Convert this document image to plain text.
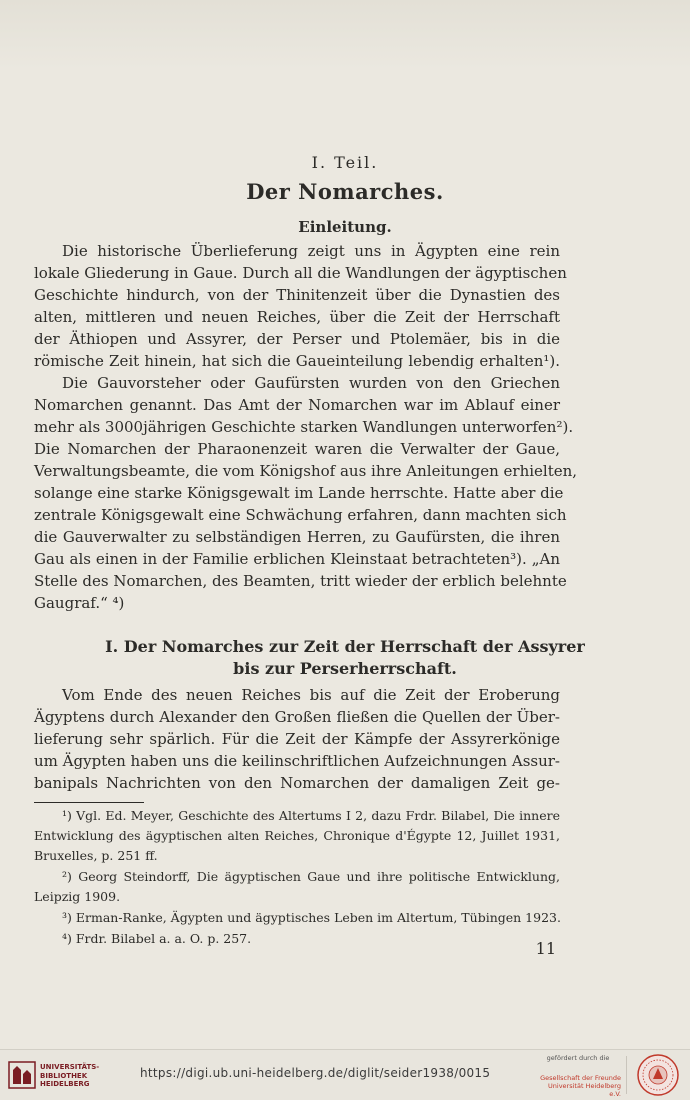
I. Teil.
Der Nomarches.
Einleitung.
Die historische Überlieferung zeigt uns in Ägypten eine rein
lokale Gliederung in Gaue. Durch all die Wandlungen der ägyptischen
Geschichte hindurch, von der Thinitenzeit über die Dynastien des
alten, mittleren und neuen Reiches, über die Zeit der Herrschaft
der Äthiopen und Assyrer, der Perser und Ptolemäer, bis in die
römische Zeit hinein, hat sich die Gaueinteilung lebendig erhalten¹).
Die Gauvorsteher oder Gaufürsten wurden von den Griechen
Nomarchen genannt. Das Amt der Nomarchen war im Ablauf einer
mehr als 3000jährigen Geschichte starken Wandlungen unterworfen²).
Die Nomarchen der Pharaonenzeit waren die Verwalter der Gaue,
Verwaltungsbeamte, die vom Königshof aus ihre Anleitungen erhielten,
solange eine starke Königsgewalt im Lande herrschte. Hatte aber die
zentrale Königsgewalt eine Schwächung erfahren, dann machten sich
die Gauverwalter zu selbständigen Herren, zu Gaufürsten, die ihren
Gau als einen in der Familie erblichen Kleinstaat betrachteten³). „An
Stelle des Nomarchen, des Beamten, tritt wieder der erblich belehnte
Gaugraf.“ ⁴)
I. Der Nomarches zur Zeit der Herrschaft der Assyrer
bis zur Perserherrschaft.
Vom Ende des neuen Reiches bis auf die Zeit der Eroberung
Ägyptens durch Alexander den Großen fließen die Quellen der Über-
lieferung sehr spärlich. Für die Zeit der Kämpfe der Assyrerkönige
um Ägypten haben uns die keilinschriftlichen Aufzeichnungen Assur-
banipals Nachrichten von den Nomarchen der damaligen Zeit ge-
¹) Vgl. Ed. Meyer, Geschichte des Altertums I 2, dazu Frdr. Bilabel, Die innere
Entwicklung des ägyptischen alten Reiches, Chronique d'Égypte 12, Juillet 1931,
Bruxelles, p. 251 ff.
²) Georg Steindorff, Die ägyptischen Gaue und ihre politische Entwicklung,
Leipzig 1909.
³) Erman-Ranke, Ägypten und ägyptisches Leben im Altertum, Tübingen 1923.
⁴) Frdr. Bilabel a. a. O. p. 257.
11
UNIVERSITÄTS-
BIBLIOTHEK
HEIDELBERG
https://digi.ub.uni-heidelberg.de/diglit/seider1938/0015
gefördert durch die
Gesellschaft der Freunde
Universität Heidelberg e.V.
